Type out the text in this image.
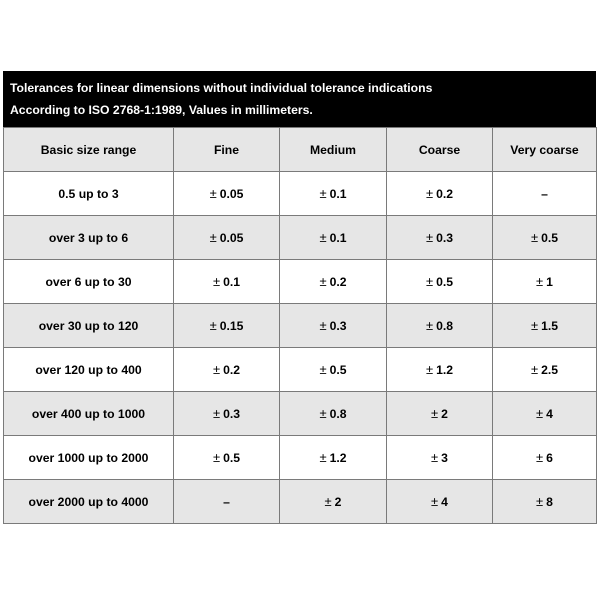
Tolerances for linear dimensions without individual tolerance indications
According to ISO 2768-1:1989, Values in millimeters.
Basic size range	Fine	Medium	Coarse	Very coarse
0.5 up to 3	± 0.05	± 0.1	± 0.2	–
over 3 up to 6	± 0.05	± 0.1	± 0.3	± 0.5
over 6 up to 30	± 0.1	± 0.2	± 0.5	± 1
over 30 up to 120	± 0.15	± 0.3	± 0.8	± 1.5
over 120 up to 400	± 0.2	± 0.5	± 1.2	± 2.5
over 400 up to 1000	± 0.3	± 0.8	± 2	± 4
over 1000 up to 2000	± 0.5	± 1.2	± 3	± 6
over 2000 up to 4000	–	± 2	± 4	± 8
